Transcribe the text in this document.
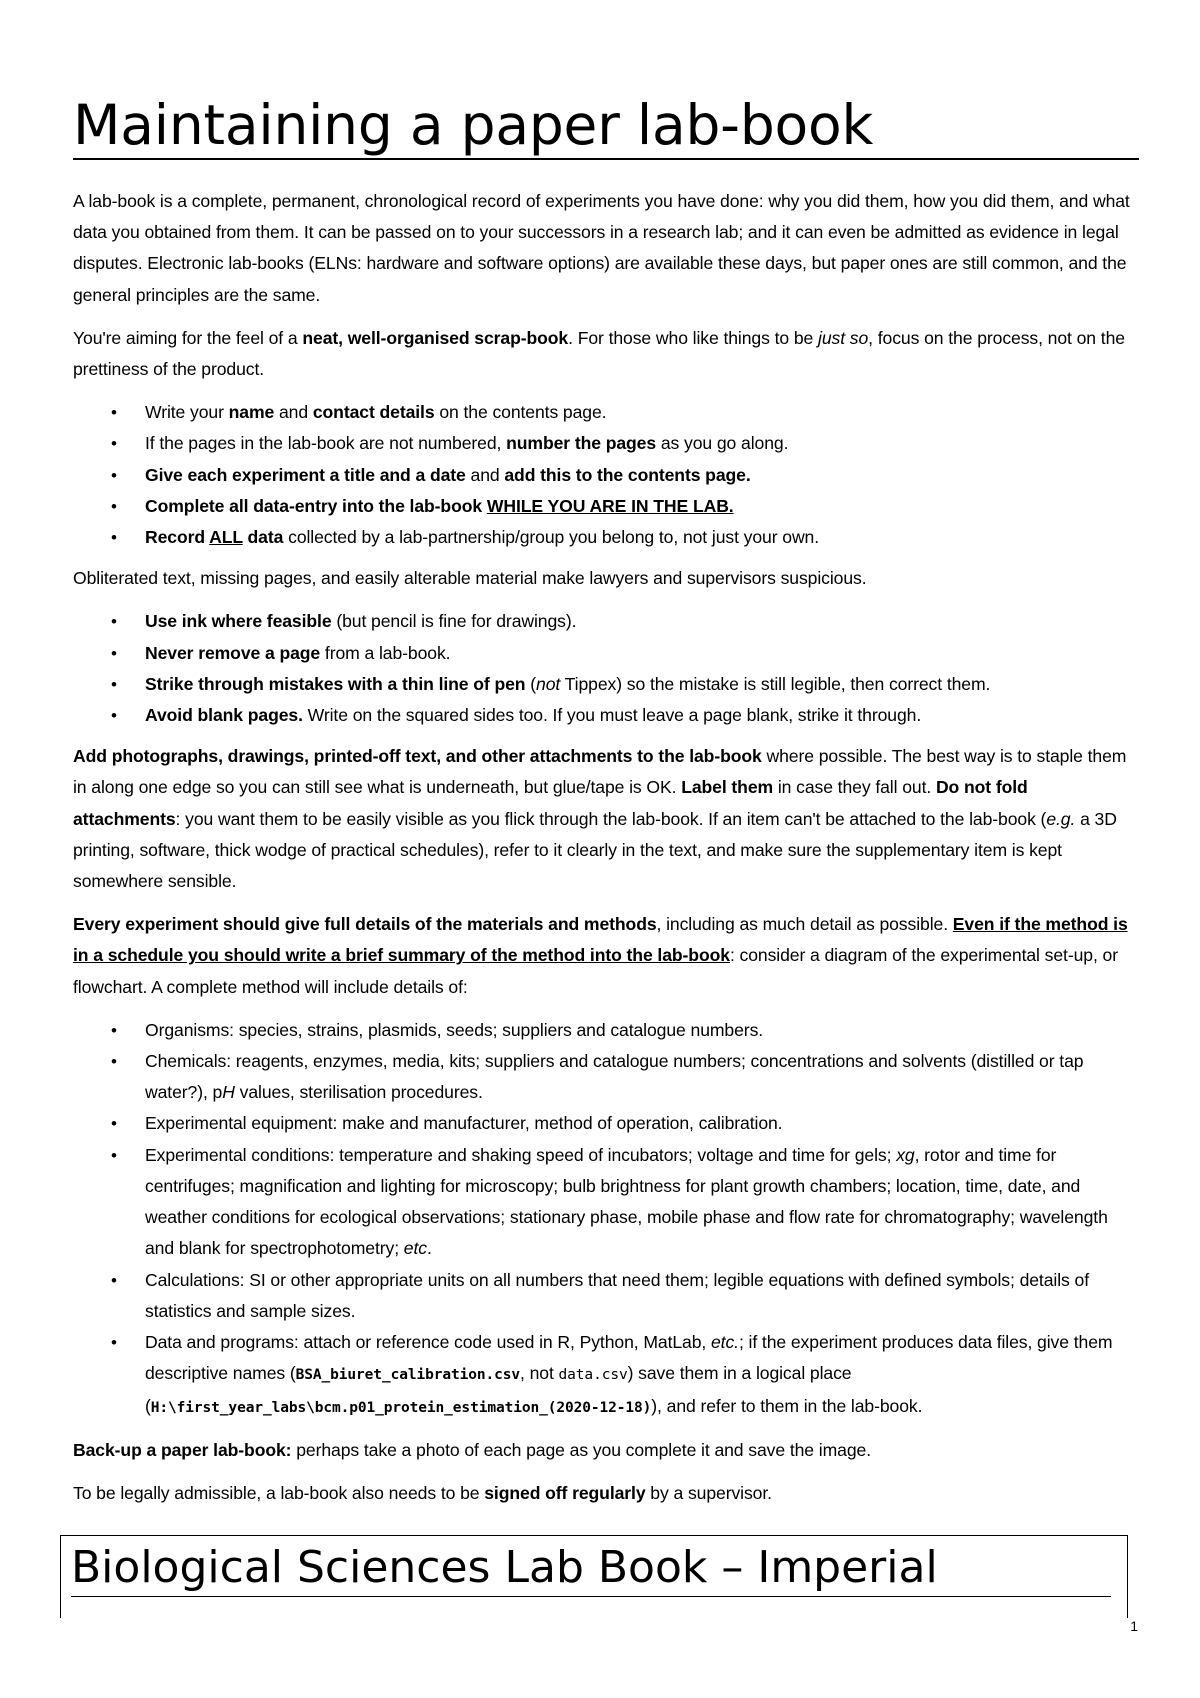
Maintaining a paper lab-book

A lab-book is a complete, permanent, chronological record of experiments you have done: why you did them, how you did them, and what data you obtained from them. It can be passed on to your successors in a research lab; and it can even be admitted as evidence in legal disputes. Electronic lab-books (ELNs: hardware and software options) are available these days, but paper ones are still common, and the general principles are the same.

You're aiming for the feel of a neat, well-organised scrap-book. For those who like things to be just so, focus on the process, not on the prettiness of the product.

• Write your name and contact details on the contents page.
• If the pages in the lab-book are not numbered, number the pages as you go along.
• Give each experiment a title and a date and add this to the contents page.
• Complete all data-entry into the lab-book WHILE YOU ARE IN THE LAB.
• Record ALL data collected by a lab-partnership/group you belong to, not just your own.

Obliterated text, missing pages, and easily alterable material make lawyers and supervisors suspicious.

• Use ink where feasible (but pencil is fine for drawings).
• Never remove a page from a lab-book.
• Strike through mistakes with a thin line of pen (not Tippex) so the mistake is still legible, then correct them.
• Avoid blank pages. Write on the squared sides too. If you must leave a page blank, strike it through.

Add photographs, drawings, printed-off text, and other attachments to the lab-book where possible. The best way is to staple them in along one edge so you can still see what is underneath, but glue/tape is OK. Label them in case they fall out. Do not fold attachments: you want them to be easily visible as you flick through the lab-book. If an item can't be attached to the lab-book (e.g. a 3D printing, software, thick wodge of practical schedules), refer to it clearly in the text, and make sure the supplementary item is kept somewhere sensible.

Every experiment should give full details of the materials and methods, including as much detail as possible. Even if the method is in a schedule you should write a brief summary of the method into the lab-book: consider a diagram of the experimental set-up, or flowchart. A complete method will include details of:

• Organisms: species, strains, plasmids, seeds; suppliers and catalogue numbers.
• Chemicals: reagents, enzymes, media, kits; suppliers and catalogue numbers; concentrations and solvents (distilled or tap water?), pH values, sterilisation procedures.
• Experimental equipment: make and manufacturer, method of operation, calibration.
• Experimental conditions: temperature and shaking speed of incubators; voltage and time for gels; xg, rotor and time for centrifuges; magnification and lighting for microscopy; bulb brightness for plant growth chambers; location, time, date, and weather conditions for ecological observations; stationary phase, mobile phase and flow rate for chromatography; wavelength and blank for spectrophotometry; etc.
• Calculations: SI or other appropriate units on all numbers that need them; legible equations with defined symbols; details of statistics and sample sizes.
• Data and programs: attach or reference code used in R, Python, MatLab, etc.; if the experiment produces data files, give them descriptive names (BSA_biuret_calibration.csv, not data.csv) save them in a logical place (H:\first_year_labs\bcm.p01_protein_estimation_(2020-12-18)), and refer to them in the lab-book.

Back-up a paper lab-book: perhaps take a photo of each page as you complete it and save the image.

To be legally admissible, a lab-book also needs to be signed off regularly by a supervisor.

Biological Sciences Lab Book – Imperial
1
